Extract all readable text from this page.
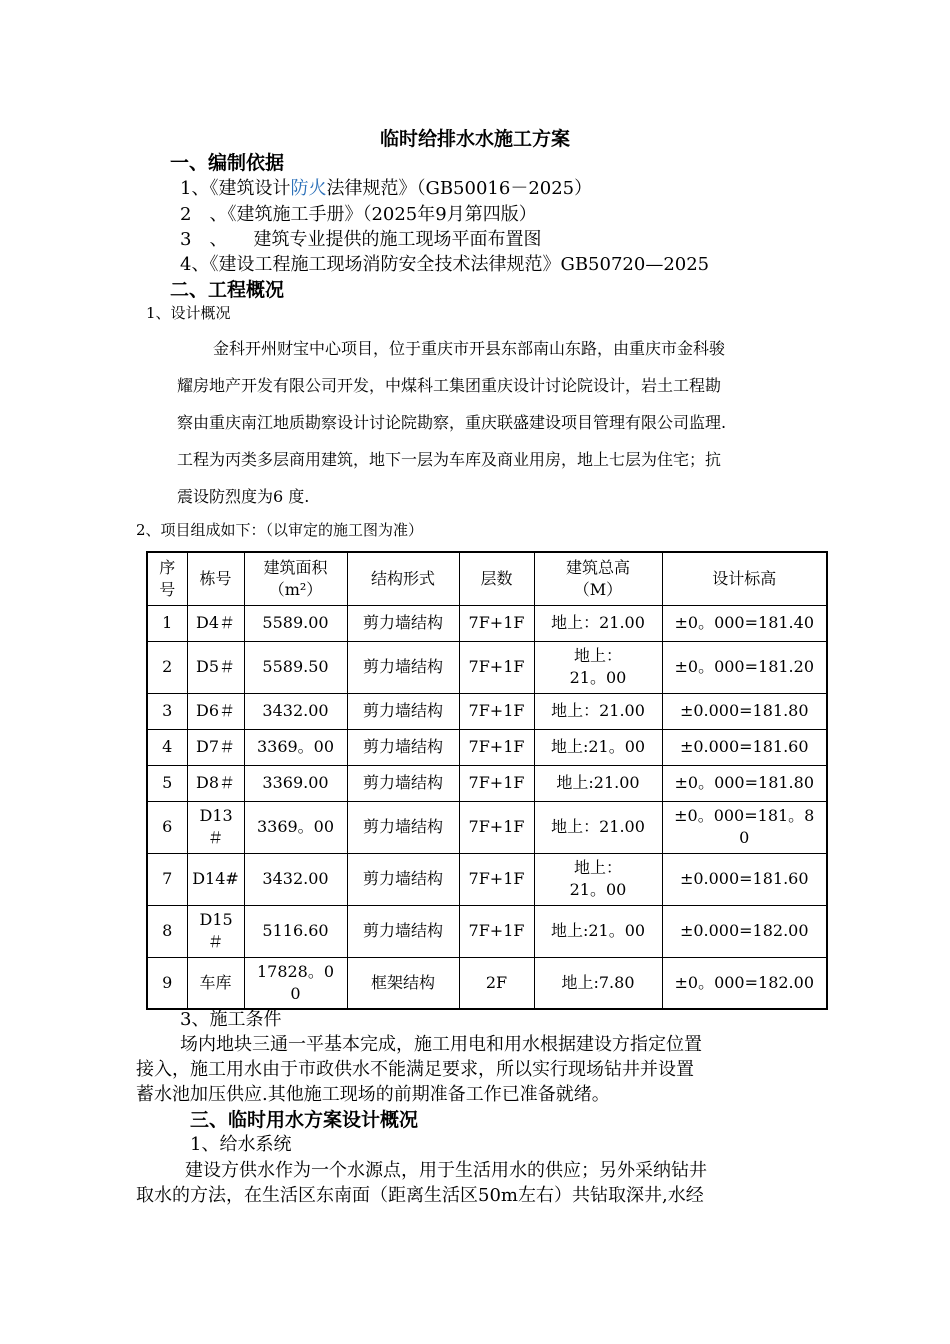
临时给排水水施工方案
一、编制依据
1、《建筑设计防火法律规范》（GB50016－2025）
2　、《建筑施工手册》（2025年9月第四版）
3　、 建筑专业提供的施工现场平面布置图
4、《建设工程施工现场消防安全技术法律规范》GB50720—2025
二、工程概况
1、设计概况
金科开州财宝中心项目，位于重庆市开县东部南山东路，由重庆市金科骏
耀房地产开发有限公司开发，中煤科工集团重庆设计讨论院设计，岩土工程勘
察由重庆南江地质勘察设计讨论院勘察，重庆联盛建设项目管理有限公司监理.
工程为丙类多层商用建筑，地下一层为车库及商业用房，地上七层为住宅；抗
震设防烈度为6 度.
2、项目组成如下：（以审定的施工图为准）
序号	栋号	建筑面积（m²）	结构形式	层数	建筑总高（M）	设计标高
1	D4＃	5589.00	剪力墙结构	7F+1F	地上：21.00	±0。000=181.40
2	D5＃	5589.50	剪力墙结构	7F+1F	地上：21。00	±0。000=181.20
3	D6＃	3432.00	剪力墙结构	7F+1F	地上：21.00	±0.000=181.80
4	D7＃	3369。00	剪力墙结构	7F+1F	地上:21。00	±0.000=181.60
5	D8＃	3369.00	剪力墙结构	7F+1F	地上:21.00	±0。000=181.80
6	D13＃	3369。00	剪力墙结构	7F+1F	地上：21.00	±0。000=181。80
7	D14#	3432.00	剪力墙结构	7F+1F	地上：21。00	±0.000=181.60
8	D15＃	5116.60	剪力墙结构	7F+1F	地上:21。00	±0.000=182.00
9	车库	17828。00	框架结构	2F	地上:7.80	±0。000=182.00
3、施工条件
场内地块三通一平基本完成，施工用电和用水根据建设方指定位置
接入，施工用水由于市政供水不能满足要求，所以实行现场钻井并设置
蓄水池加压供应.其他施工现场的前期准备工作已准备就绪。
三、临时用水方案设计概况
1、给水系统
建设方供水作为一个水源点，用于生活用水的供应；另外采纳钻井
取水的方法，在生活区东南面（距离生活区50m左右）共钻取深井,水经
